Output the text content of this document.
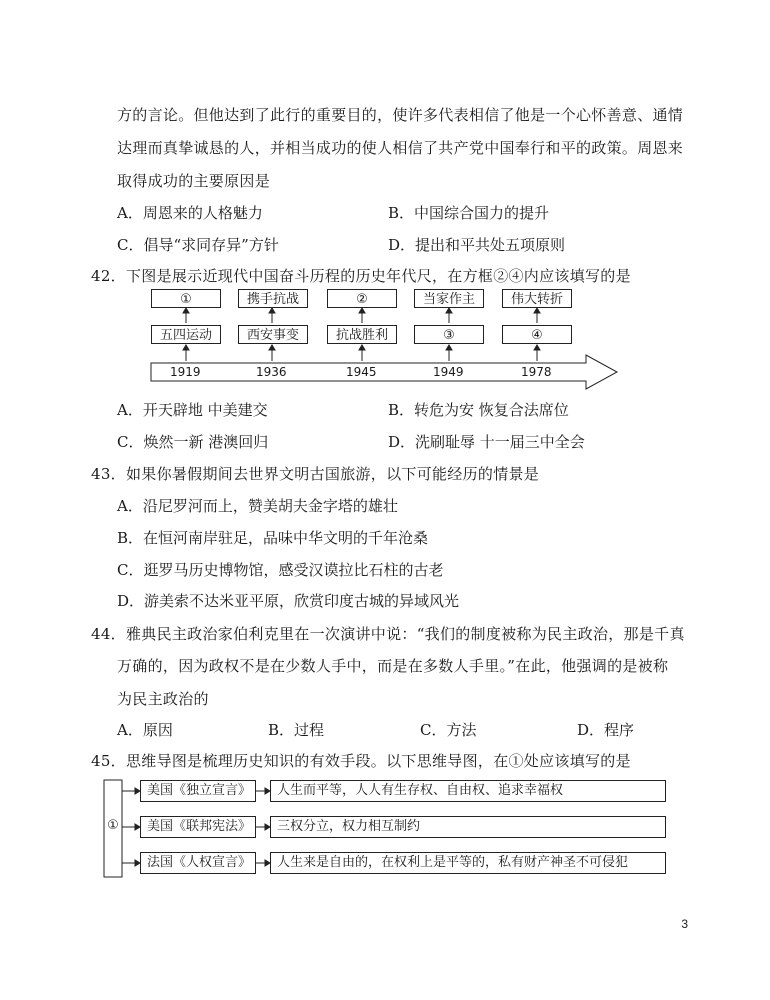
方的言论。但他达到了此行的重要目的，使许多代表相信了他是一个心怀善意、通情
达理而真挚诚恳的人，并相当成功的使人相信了共产党中国奉行和平的政策。周恩来
取得成功的主要原因是
A．周恩来的人格魅力	B．中国综合国力的提升
C．倡导“求同存异”方针	D．提出和平共处五项原则
42．下图是展示近现代中国奋斗历程的历史年代尺，在方框②④内应该填写的是
①	携手抗战	②	当家作主	伟大转折
五四运动	西安事变	抗战胜利	③	④
1919	1936	1945	1949	1978
A．开天辟地 中美建交	B．转危为安 恢复合法席位
C．焕然一新 港澳回归	D．洗刷耻辱 十一届三中全会
43．如果你暑假期间去世界文明古国旅游，以下可能经历的情景是
A．沿尼罗河而上，赞美胡夫金字塔的雄壮
B．在恒河南岸驻足，品味中华文明的千年沧桑
C．逛罗马历史博物馆，感受汉谟拉比石柱的古老
D．游美索不达米亚平原，欣赏印度古城的异域风光
44．雅典民主政治家伯利克里在一次演讲中说：“我们的制度被称为民主政治，那是千真
万确的，因为政权不是在少数人手中，而是在多数人手里。”在此，他强调的是被称
为民主政治的
A．原因	B．过程	C．方法	D．程序
45．思维导图是梳理历史知识的有效手段。以下思维导图，在①处应该填写的是
①
美国《独立宣言》
美国《联邦宪法》
法国《人权宣言》
人生而平等，人人有生存权、自由权、追求幸福权
三权分立，权力相互制约
人生来是自由的，在权利上是平等的，私有财产神圣不可侵犯
3
